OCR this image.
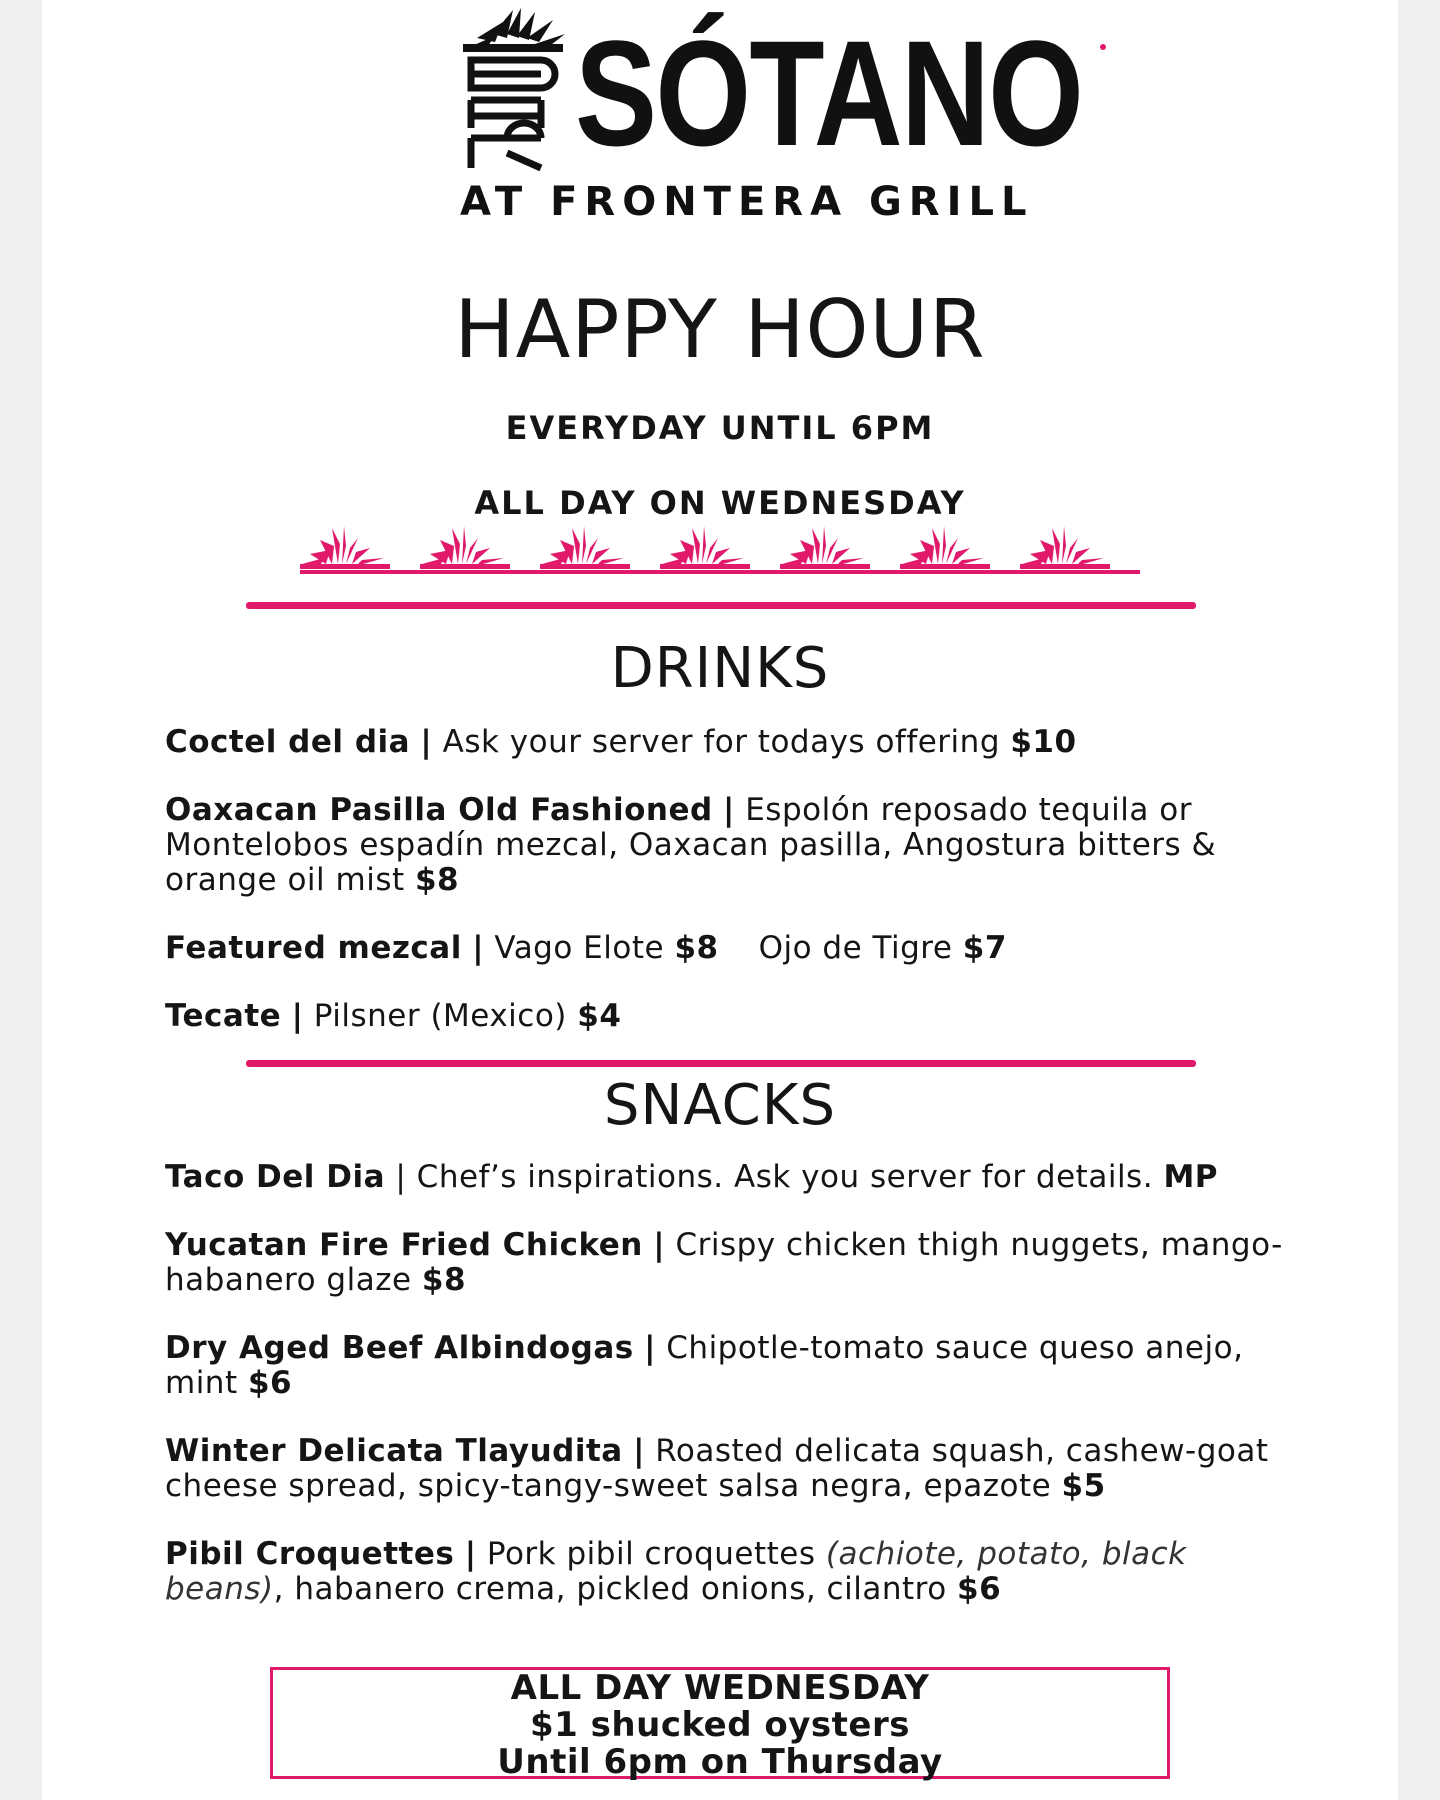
SÓTANO
AT FRONTERA GRILL
HAPPY HOUR
EVERYDAY UNTIL 6PM
ALL DAY ON WEDNESDAY
DRINKS
Coctel del dia | Ask your server for todays offering $10
Oaxacan Pasilla Old Fashioned | Espolón reposado tequila or Montelobos espadín mezcal, Oaxacan pasilla, Angostura bitters & orange oil mist $8
Featured mezcal | Vago Elote $8 Ojo de Tigre $7
Tecate | Pilsner (Mexico) $4
SNACKS
Taco Del Dia | Chef’s inspirations. Ask you server for details. MP
Yucatan Fire Fried Chicken | Crispy chicken thigh nuggets, mango-habanero glaze $8
Dry Aged Beef Albindogas | Chipotle-tomato sauce queso anejo, mint $6
Winter Delicata Tlayudita | Roasted delicata squash, cashew-goat cheese spread, spicy-tangy-sweet salsa negra, epazote $5
Pibil Croquettes | Pork pibil croquettes (achiote, potato, black beans), habanero crema, pickled onions, cilantro $6
ALL DAY WEDNESDAY
$1 shucked oysters
Until 6pm on Thursday
